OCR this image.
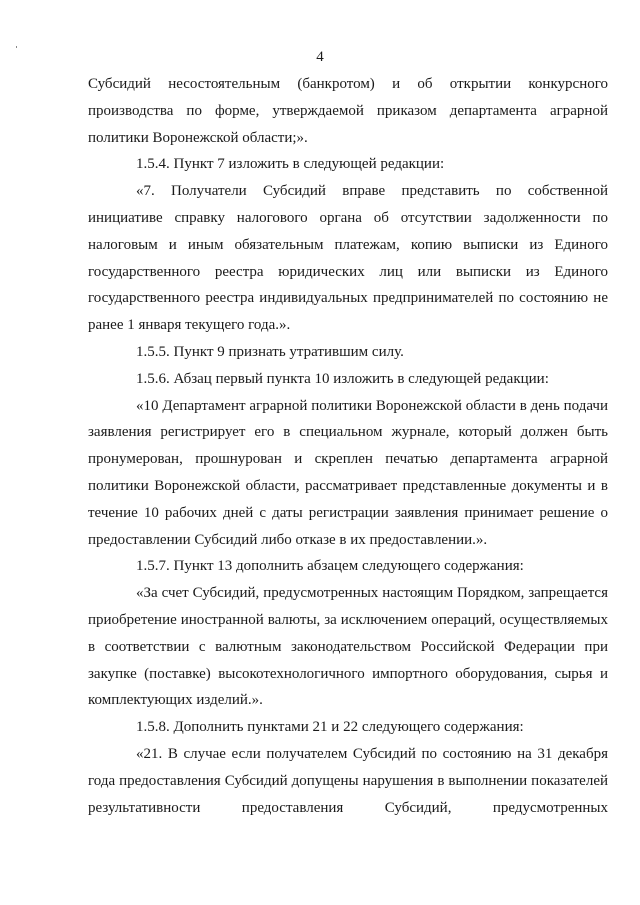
4

Субсидий несостоятельным (банкротом) и об открытии конкурсного производства по форме, утверждаемой приказом департамента аграрной политики Воронежской области;».

1.5.4. Пункт 7 изложить в следующей редакции:

«7. Получатели Субсидий вправе представить по собственной инициативе справку налогового органа об отсутствии задолженности по налоговым и иным обязательным платежам, копию выписки из Единого государственного реестра юридических лиц или выписки из Единого государственного реестра индивидуальных предпринимателей по состоянию не ранее 1 января текущего года.».

1.5.5. Пункт 9 признать утратившим силу.

1.5.6. Абзац первый пункта 10 изложить в следующей редакции:

«10 Департамент аграрной политики Воронежской области в день подачи заявления регистрирует его в специальном журнале, который должен быть пронумерован, прошнурован и скреплен печатью департамента аграрной политики Воронежской области, рассматривает представленные документы и в течение 10 рабочих дней с даты регистрации заявления принимает решение о предоставлении Субсидий либо отказе в их предоставлении.».

1.5.7. Пункт 13 дополнить абзацем следующего содержания:

«За счет Субсидий, предусмотренных настоящим Порядком, запрещается приобретение иностранной валюты, за исключением операций, осуществляемых в соответствии с валютным законодательством Российской Федерации при закупке (поставке) высокотехнологичного импортного оборудования, сырья и комплектующих изделий.».

1.5.8. Дополнить пунктами 21 и 22 следующего содержания:

«21. В случае если получателем Субсидий по состоянию на 31 декабря года предоставления Субсидий допущены нарушения в выполнении показателей результативности предоставления Субсидий, предусмотренных
